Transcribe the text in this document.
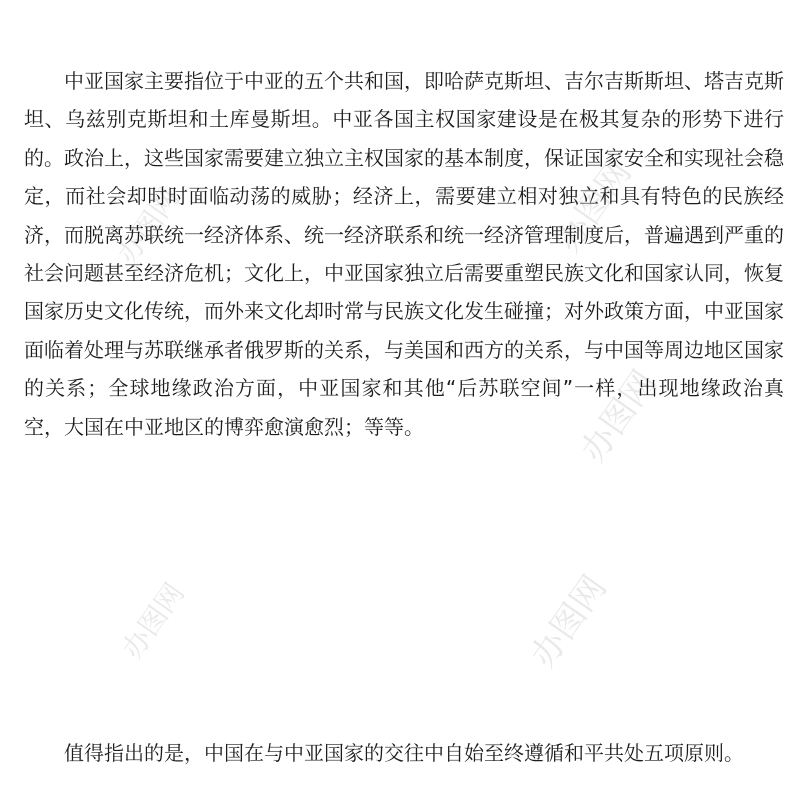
办图网
办图网
办图网
办图网	办图网

中亚国家主要指位于中亚的五个共和国，即哈萨克斯坦、吉尔吉斯斯坦、塔吉克斯坦、乌兹别克斯坦和土库曼斯坦。中亚各国主权国家建设是在极其复杂的形势下进行的。政治上，这些国家需要建立独立主权国家的基本制度，保证国家安全和实现社会稳定，而社会却时时面临动荡的威胁；经济上，需要建立相对独立和具有特色的民族经济，而脱离苏联统一经济体系、统一经济联系和统一经济管理制度后，普遍遇到严重的社会问题甚至经济危机；文化上，中亚国家独立后需要重塑民族文化和国家认同，恢复国家历史文化传统，而外来文化却时常与民族文化发生碰撞；对外政策方面，中亚国家面临着处理与苏联继承者俄罗斯的关系，与美国和西方的关系，与中国等周边地区国家的关系；全球地缘政治方面，中亚国家和其他“后苏联空间”一样，出现地缘政治真空，大国在中亚地区的博弈愈演愈烈；等等。

值得指出的是，中国在与中亚国家的交往中自始至终遵循和平共处五项原则。
